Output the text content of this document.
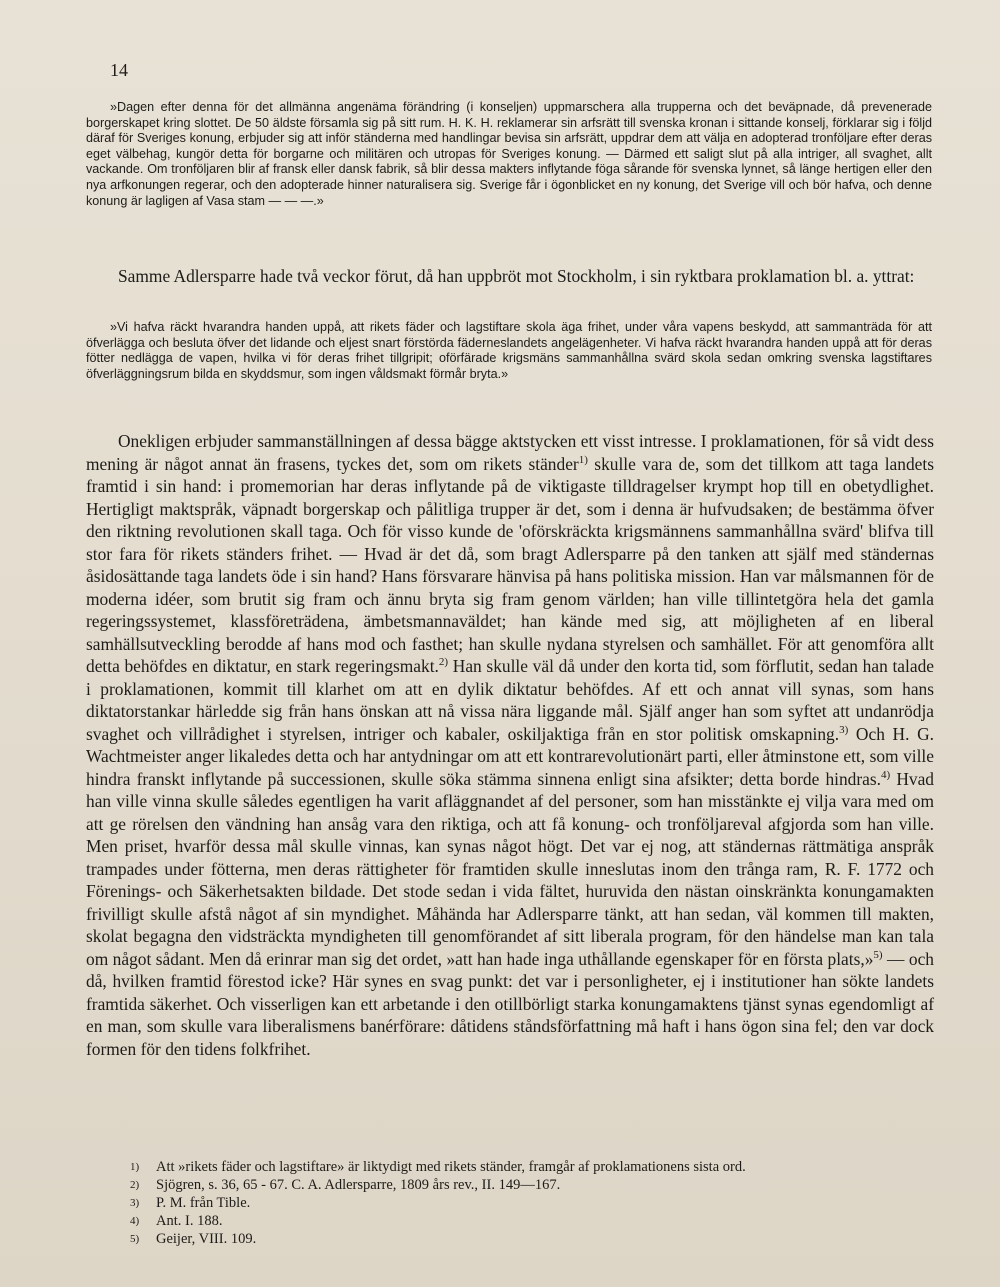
14

»Dagen efter denna för det allmänna angenäma förändring (i konseljen) uppmarschera alla trupperna och det beväpnade, då prevenerade borgerskapet kring slottet. De 50 äldste församla sig på sitt rum. H. K. H. reklamerar sin arfsrätt till svenska kronan i sittande konselj, förklarar sig i följd däraf för Sveriges konung, erbjuder sig att inför ständerna med handlingar bevisa sin arfsrätt, uppdrar dem att välja en adopterad tronföljare efter deras eget välbehag, kungör detta för borgarne och militären och utropas för Sveriges konung. — Därmed ett saligt slut på alla intriger, all svaghet, allt vackande. Om tronföljaren blir af fransk eller dansk fabrik, så blir dessa makters inflytande föga sårande för svenska lynnet, så länge hertigen eller den nya arfkonungen regerar, och den adopterade hinner naturalisera sig. Sverige får i ögonblicket en ny konung, det Sverige vill och bör hafva, och denne konung är lagligen af Vasa stam — — —.»

Samme Adlersparre hade två veckor förut, då han uppbröt mot Stockholm, i sin ryktbara proklamation bl. a. yttrat:

»Vi hafva räckt hvarandra handen uppå, att rikets fäder och lagstiftare skola äga frihet, under våra vapens beskydd, att sammanträda för att öfverlägga och besluta öfver det lidande och eljest snart förstörda fäderneslandets angelägenheter. Vi hafva räckt hvarandra handen uppå att för deras fötter nedlägga de vapen, hvilka vi för deras frihet tillgripit; oförfärade krigsmäns sammanhållna svärd skola sedan omkring svenska lagstiftares öfverläggningsrum bilda en skyddsmur, som ingen våldsmakt förmår bryta.»

Onekligen erbjuder sammanställningen af dessa bägge aktstycken ett visst intresse. I proklamationen, för så vidt dess mening är något annat än frasens, tyckes det, som om rikets ständer$^{1)}$ skulle vara de, som det tillkom att taga landets framtid i sin hand: i promemorian har deras inflytande på de viktigaste tilldragelser krympt hop till en obetydlighet. Hertigligt maktspråk, väpnadt borgerskap och pålitliga trupper är det, som i denna är hufvudsaken; de bestämma öfver den riktning revolutionen skall taga. Och för visso kunde de 'oförskräckta krigsmännens sammanhållna svärd' blifva till stor fara för rikets ständers frihet. — Hvad är det då, som bragt Adlersparre på den tanken att själf med ständernas åsidosättande taga landets öde i sin hand? Hans försvarare hänvisa på hans politiska mission. Han var målsmannen för de moderna idéer, som brutit sig fram och ännu bryta sig fram genom världen; han ville tillintetgöra hela det gamla regeringssystemet, klassföreträdena, ämbetsmannaväldet; han kände med sig, att möjligheten af en liberal samhällsutveckling berodde af hans mod och fasthet; han skulle nydana styrelsen och samhället. För att genomföra allt detta behöfdes en diktatur, en stark regeringsmakt.$^{2)}$ Han skulle väl då under den korta tid, som förflutit, sedan han talade i proklamationen, kommit till klarhet om att en dylik diktatur behöfdes. Af ett och annat vill synas, som hans diktatorstankar härledde sig från hans önskan att nå vissa nära liggande mål. Själf anger han som syftet att undanrödja svaghet och villrådighet i styrelsen, intriger och kabaler, oskiljaktiga från en stor politisk omskapning.$^{3)}$ Och H. G. Wachtmeister anger likaledes detta och har antydningar om att ett kontrarevolutionärt parti, eller åtminstone ett, som ville hindra franskt inflytande på successionen, skulle söka stämma sinnena enligt sina afsikter; detta borde hindras.$^{4)}$ Hvad han ville vinna skulle således egentligen ha varit afläggnandet af del personer, som han misstänkte ej vilja vara med om att ge rörelsen den vändning han ansåg vara den riktiga, och att få konung- och tronföljareval afgjorda som han ville. Men priset, hvarför dessa mål skulle vinnas, kan synas något högt. Det var ej nog, att ständernas rättmätiga anspråk trampades under fötterna, men deras rättigheter för framtiden skulle inneslutas inom den trånga ram, R. F. 1772 och Förenings- och Säkerhetsakten bildade. Det stode sedan i vida fältet, huruvida den nästan oinskränkta konungamakten frivilligt skulle afstå något af sin myndighet. Måhända har Adlersparre tänkt, att han sedan, väl kommen till makten, skolat begagna den vidsträckta myndigheten till genomförandet af sitt liberala program, för den händelse man kan tala om något sådant. Men då erinrar man sig det ordet, »att han hade inga uthållande egenskaper för en första plats,»$^{5)}$ — och då, hvilken framtid förestod icke? Här synes en svag punkt: det var i personligheter, ej i institutioner han sökte landets framtida säkerhet. Och visserligen kan ett arbetande i den otillbörligt starka konungamaktens tjänst synas egendomligt af en man, som skulle vara liberalismens banérförare: dåtidens ståndsförfattning må haft i hans ögon sina fel; den var dock formen för den tidens folkfrihet.

1)	Att »rikets fäder och lagstiftare» är liktydigt med rikets ständer, framgår af proklamationens sista ord.
2)	Sjögren, s. 36, 65 - 67. C. A. Adlersparre, 1809 års rev., II. 149—167.
3)	P. M. från Tible.
4)	Ant. I. 188.
5)	Geijer, VIII. 109.
